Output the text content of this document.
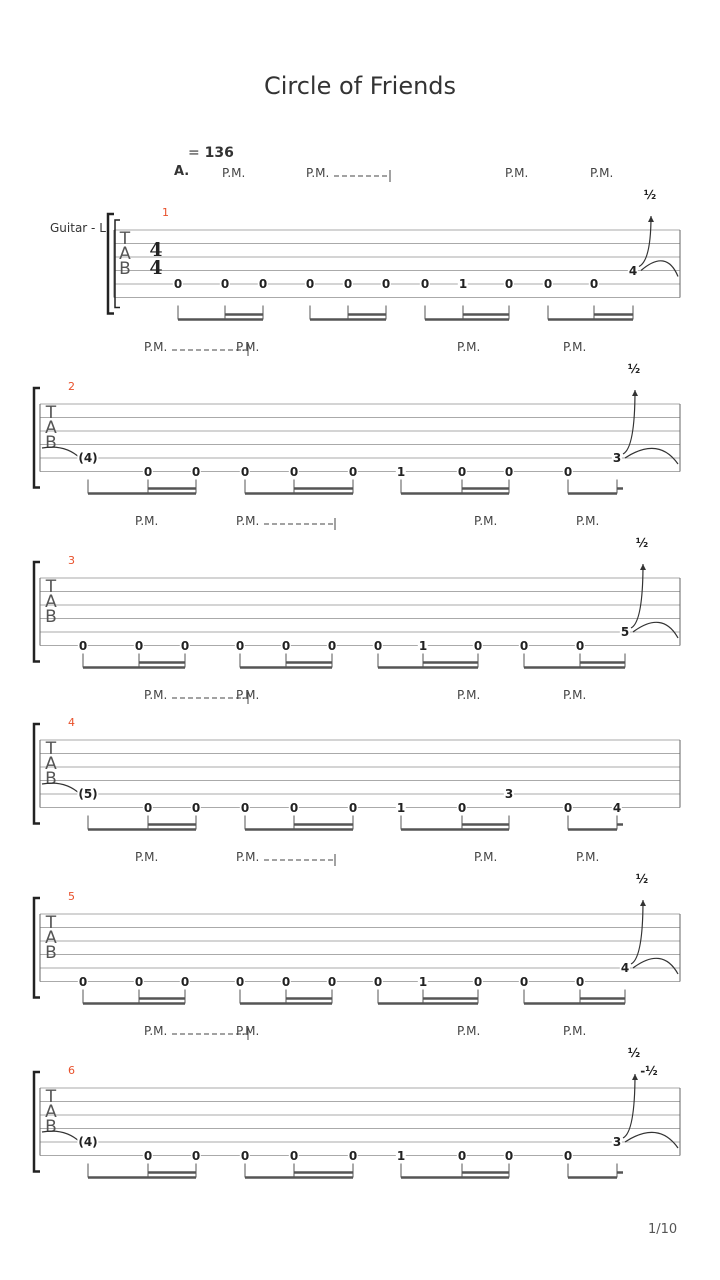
Circle of Friends
A.
= 136
Guitar - L
1/10
T
A
B
4
4
T
A
B
T
A
B
T
A
B
T
A
B
T
A
B
1
P.M.	P.M.	P.M.	P.M.
0	0 0	0 0 0	0 1	0	0	0
4
½
2
P.M.	P.M.	P.M.	P.M.
(4)
0	0	0	0	0	1	0	0	0
3
½
3
P.M.	P.M.	P.M.	P.M.
0	0	0	0	0	0	0	1	0	0	0
5
½
4
P.M.	P.M.	P.M.	P.M.
(5)
0	0	0	0	0	1	0
3
0	4
5
P.M.	P.M.	P.M.	P.M.
0	0	0	0	0	0	0	1	0	0	0
4
½
6
P.M.	P.M.	P.M.	P.M.
(4)
0	0	0	0	0	1	0	0	0
3
½
-½
